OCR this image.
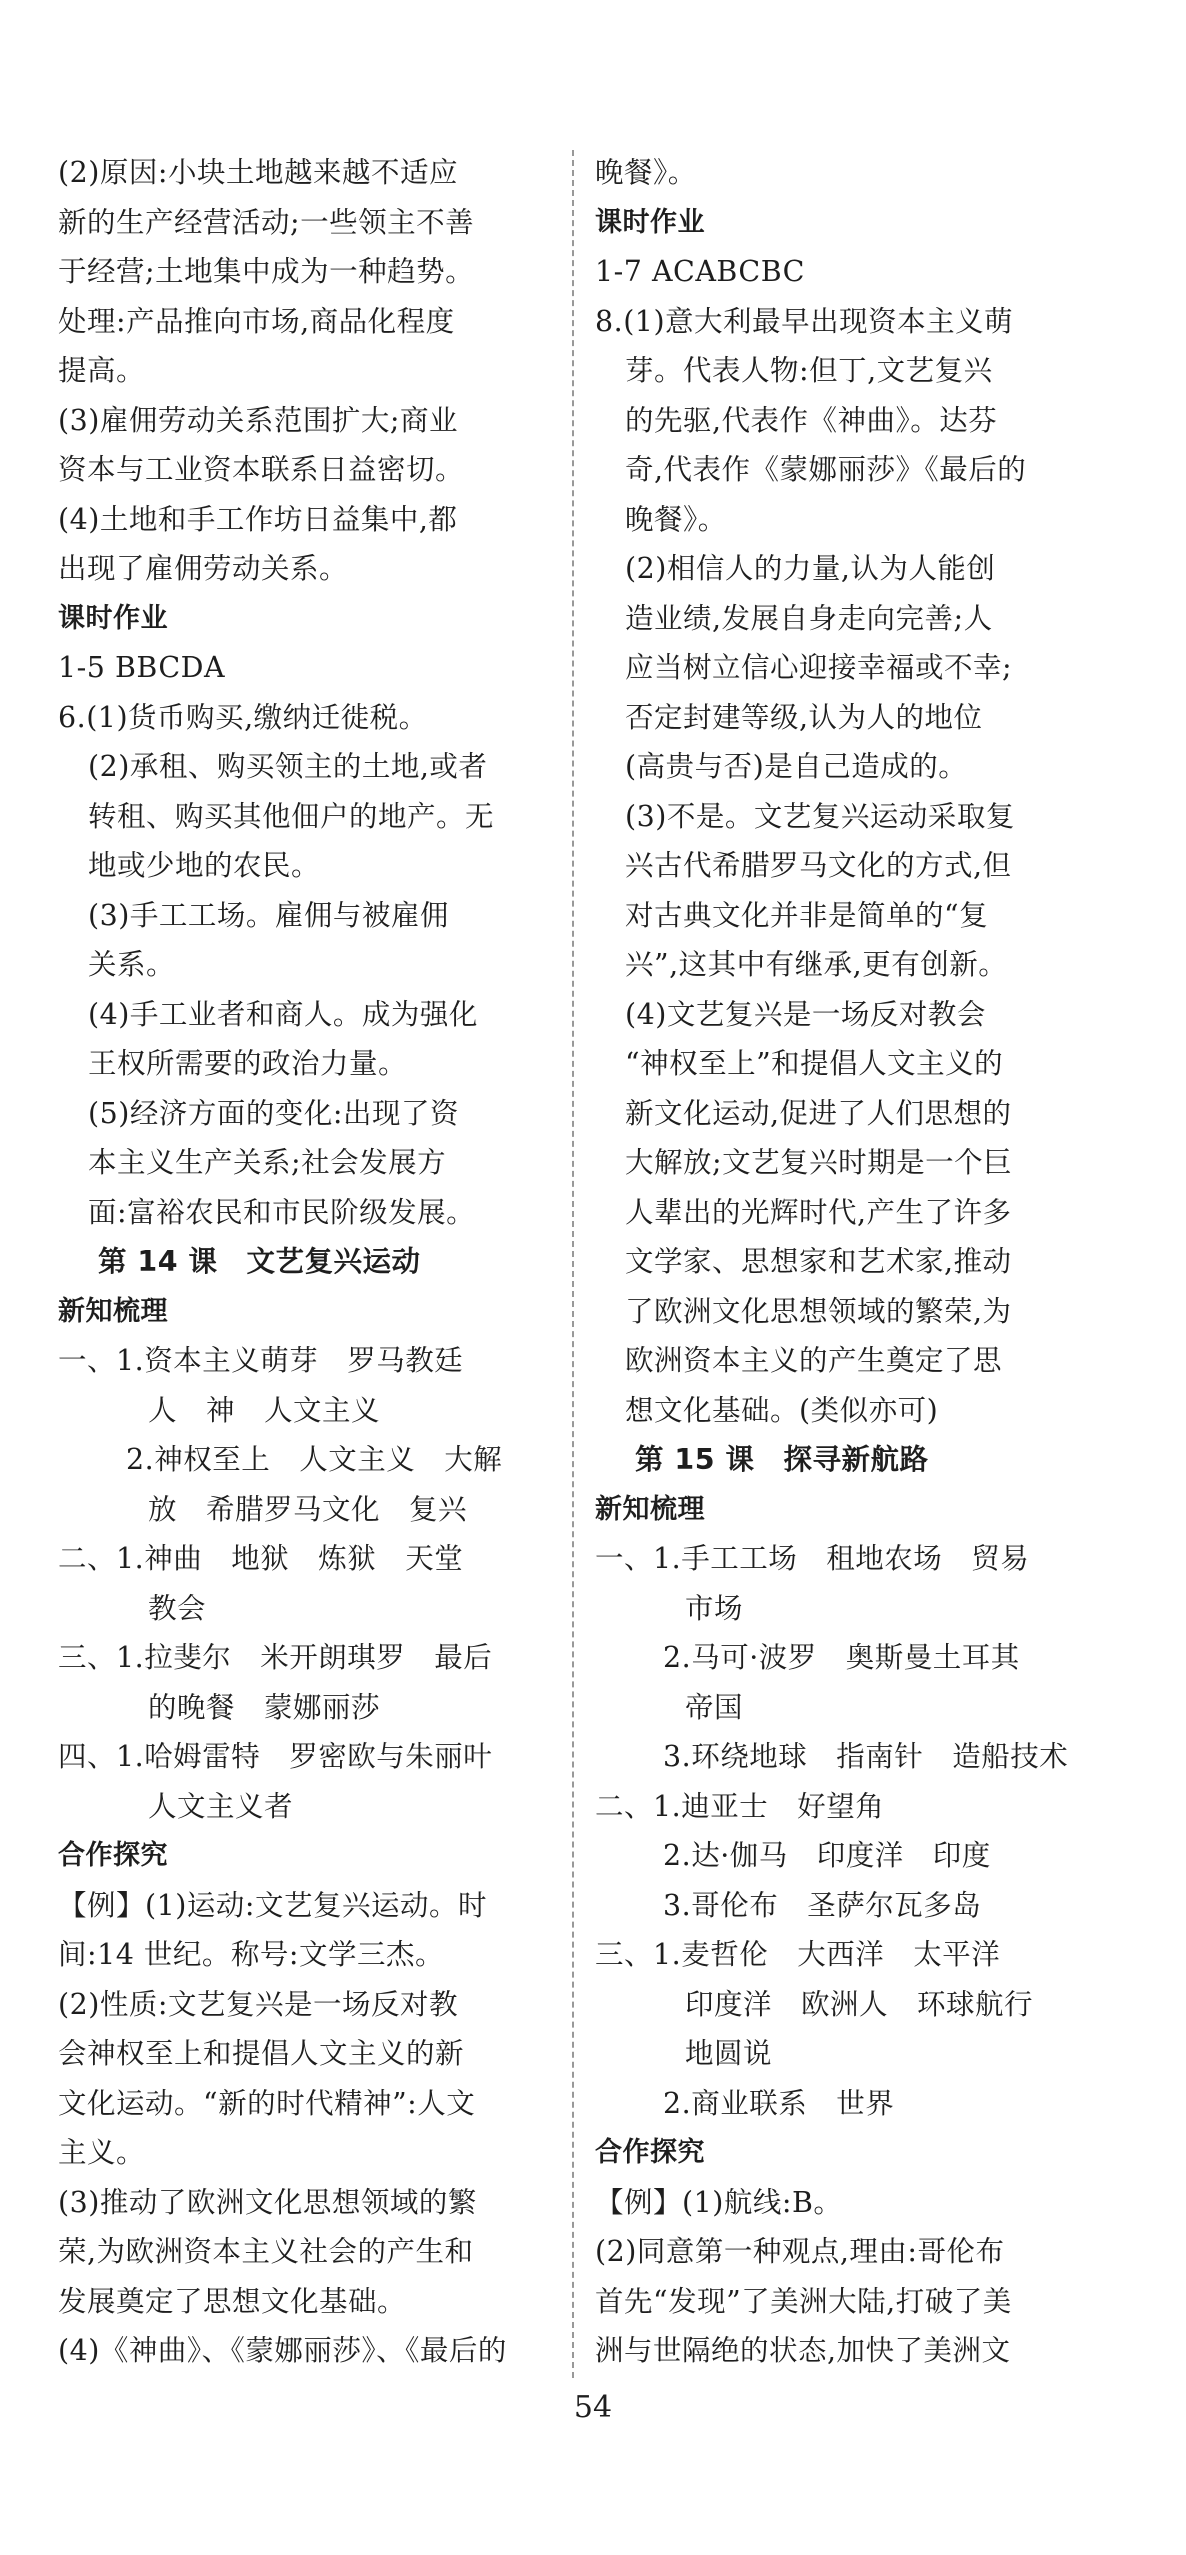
(2)原因:小块土地越来越不适应
新的生产经营活动;一些领主不善
于经营;土地集中成为一种趋势。
处理:产品推向市场,商品化程度
提高。
(3)雇佣劳动关系范围扩大;商业
资本与工业资本联系日益密切。
(4)土地和手工作坊日益集中,都
出现了雇佣劳动关系。
课时作业
1-5 BBCDA
6.(1)货币购买,缴纳迁徙税。
(2)承租、购买领主的土地,或者
转租、购买其他佃户的地产。无
地或少地的农民。
(3)手工工场。雇佣与被雇佣
关系。
(4)手工业者和商人。成为强化
王权所需要的政治力量。
(5)经济方面的变化:出现了资
本主义生产关系;社会发展方
面:富裕农民和市民阶级发展。
第 14 课　文艺复兴运动
新知梳理
一、1.资本主义萌芽　罗马教廷
人　神　人文主义
2.神权至上　人文主义　大解
放　希腊罗马文化　复兴
二、1.神曲　地狱　炼狱　天堂
教会
三、1.拉斐尔　米开朗琪罗　最后
的晚餐　蒙娜丽莎
四、1.哈姆雷特　罗密欧与朱丽叶
人文主义者
合作探究
【例】(1)运动:文艺复兴运动。时
间:14 世纪。称号:文学三杰。
(2)性质:文艺复兴是一场反对教
会神权至上和提倡人文主义的新
文化运动。“新的时代精神”:人文
主义。
(3)推动了欧洲文化思想领域的繁
荣,为欧洲资本主义社会的产生和
发展奠定了思想文化基础。
(4)《神曲》、《蒙娜丽莎》、《最后的
晚餐》。
课时作业
1-7 ACABCBC
8.(1)意大利最早出现资本主义萌
芽。代表人物:但丁,文艺复兴
的先驱,代表作《神曲》。达芬
奇,代表作《蒙娜丽莎》《最后的
晚餐》。
(2)相信人的力量,认为人能创
造业绩,发展自身走向完善;人
应当树立信心迎接幸福或不幸;
否定封建等级,认为人的地位
(高贵与否)是自己造成的。
(3)不是。文艺复兴运动采取复
兴古代希腊罗马文化的方式,但
对古典文化并非是简单的“复
兴”,这其中有继承,更有创新。
(4)文艺复兴是一场反对教会
“神权至上”和提倡人文主义的
新文化运动,促进了人们思想的
大解放;文艺复兴时期是一个巨
人辈出的光辉时代,产生了许多
文学家、思想家和艺术家,推动
了欧洲文化思想领域的繁荣,为
欧洲资本主义的产生奠定了思
想文化基础。(类似亦可)
第 15 课　探寻新航路
新知梳理
一、1.手工工场　租地农场　贸易
市场
2.马可·波罗　奥斯曼土耳其
帝国
3.环绕地球　指南针　造船技术
二、1.迪亚士　好望角
2.达·伽马　印度洋　印度
3.哥伦布　圣萨尔瓦多岛
三、1.麦哲伦　大西洋　太平洋
印度洋　欧洲人　环球航行
地圆说
2.商业联系　世界
合作探究
【例】(1)航线:B。
(2)同意第一种观点,理由:哥伦布
首先“发现”了美洲大陆,打破了美
洲与世隔绝的状态,加快了美洲文
54
